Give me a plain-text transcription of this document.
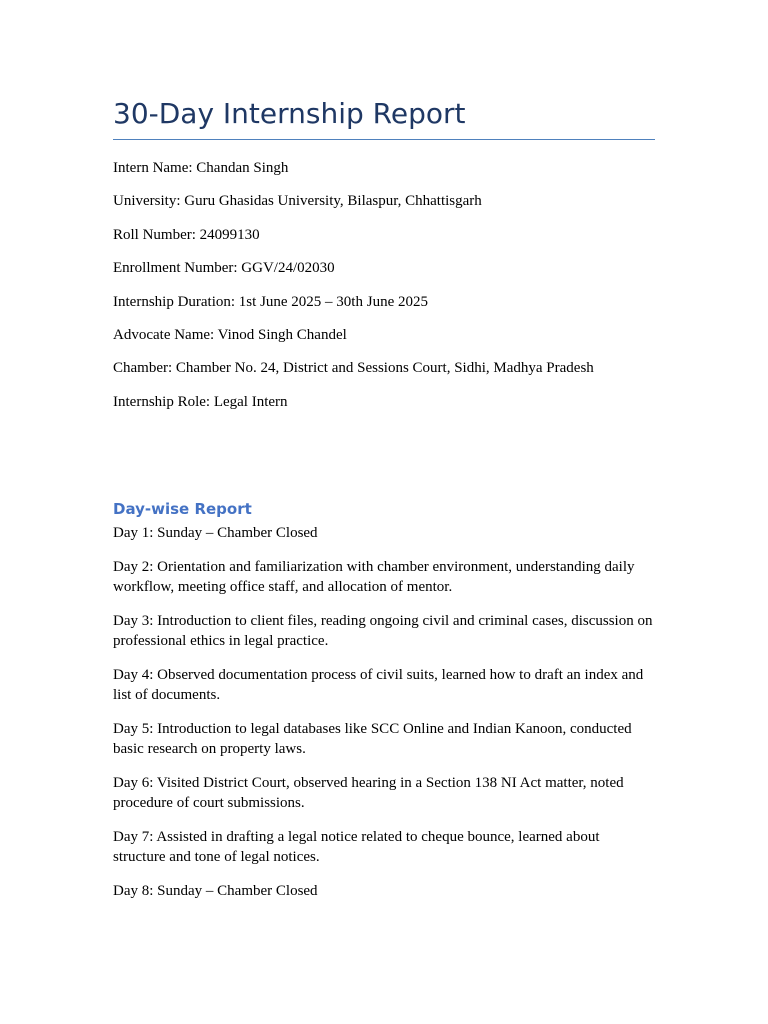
30-Day Internship Report

Intern Name: Chandan Singh

University: Guru Ghasidas University, Bilaspur, Chhattisgarh

Roll Number: 24099130

Enrollment Number: GGV/24/02030

Internship Duration: 1st June 2025 – 30th June 2025

Advocate Name: Vinod Singh Chandel

Chamber: Chamber No. 24, District and Sessions Court, Sidhi, Madhya Pradesh

Internship Role: Legal Intern

Day-wise Report

Day 1: Sunday – Chamber Closed

Day 2: Orientation and familiarization with chamber environment, understanding daily workflow, meeting office staff, and allocation of mentor.

Day 3: Introduction to client files, reading ongoing civil and criminal cases, discussion on professional ethics in legal practice.

Day 4: Observed documentation process of civil suits, learned how to draft an index and list of documents.

Day 5: Introduction to legal databases like SCC Online and Indian Kanoon, conducted basic research on property laws.

Day 6: Visited District Court, observed hearing in a Section 138 NI Act matter, noted procedure of court submissions.

Day 7: Assisted in drafting a legal notice related to cheque bounce, learned about structure and tone of legal notices.

Day 8: Sunday – Chamber Closed
